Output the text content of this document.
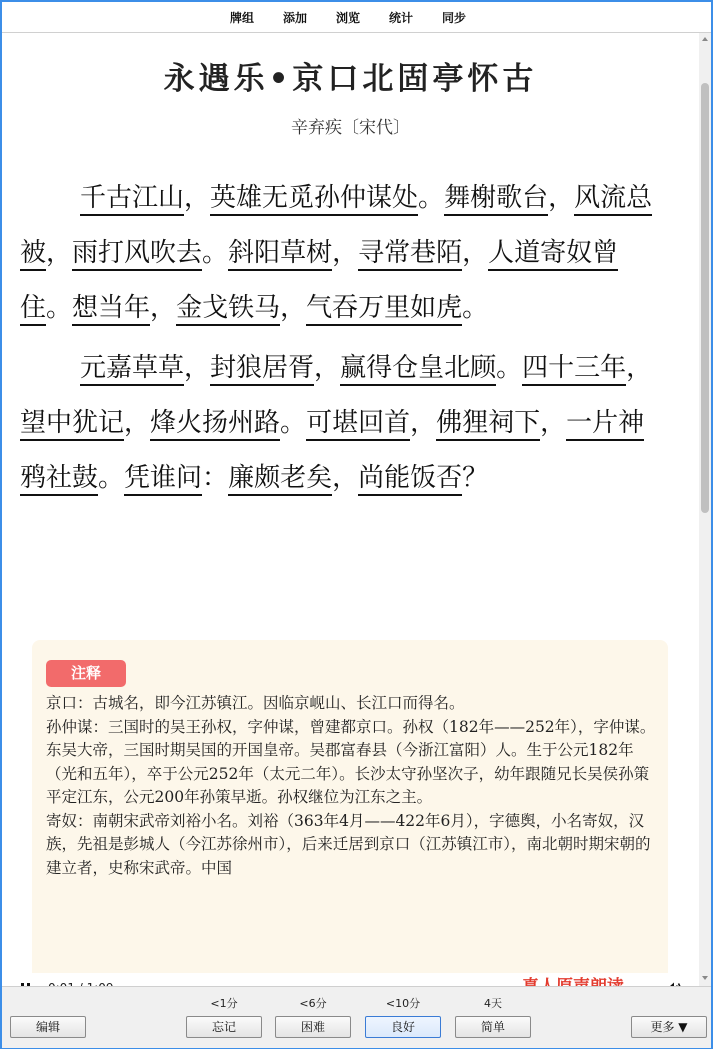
牌组 添加 浏览 统计 同步
永遇乐•京口北固亭怀古
辛弃疾〔宋代〕

千古江山，英雄无觅孙仲谋处。舞榭歌台，风流总被，雨打风吹去。斜阳草树，寻常巷陌，人道寄奴曾住。想当年，金戈铁马，气吞万里如虎。

元嘉草草，封狼居胥，赢得仓皇北顾。四十三年，望中犹记，烽火扬州路。可堪回首，佛狸祠下，一片神鸦社鼓。凭谁问：廉颇老矣，尚能饭否？

注释

京口：古城名，即今江苏镇江。因临京岘山、长江口而得名。

孙仲谋：三国时的吴王孙权，字仲谋，曾建都京口。孙权（182年——252年），字仲谋。东吴大帝，三国时期吴国的开国皇帝。吴郡富春县（今浙江富阳）人。生于公元182年（光和五年），卒于公元252年（太元二年）。长沙太守孙坚次子，幼年跟随兄长吴侯孙策平定江东，公元200年孙策早逝。孙权继位为江东之主。

寄奴：南朝宋武帝刘裕小名。刘裕（363年4月——422年6月），字德舆，小名寄奴，汉族，先祖是彭城人（今江苏徐州市），后来迁居到京口（江苏镇江市），南北朝时期宋朝的建立者，史称宋武帝。中国

<1分	<6分	<10分	4天
编辑	忘记	困难	良好	简单	更多 ▼
